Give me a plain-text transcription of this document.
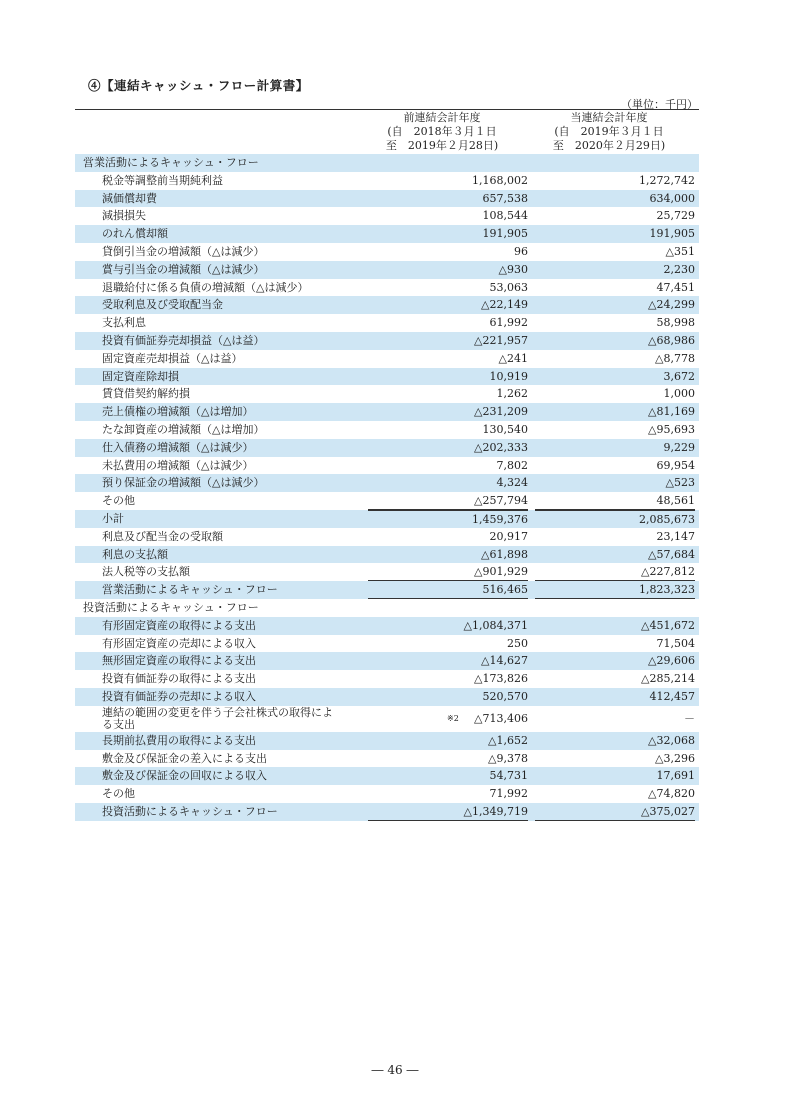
④【連結キャッシュ・フロー計算書】
（単位：千円）
前連結会計年度
(自　2018年３月１日
至　2019年２月28日)
当連結会計年度
(自　2019年３月１日
至　2020年２月29日)
営業活動によるキャッシュ・フロー
税金等調整前当期純利益	1,168,002	1,272,742
減価償却費	657,538	634,000
減損損失	108,544	25,729
のれん償却額	191,905	191,905
貸倒引当金の増減額（△は減少）	96	△351
賞与引当金の増減額（△は減少）	△930	2,230
退職給付に係る負債の増減額（△は減少）	53,063	47,451
受取利息及び受取配当金	△22,149	△24,299
支払利息	61,992	58,998
投資有価証券売却損益（△は益）	△221,957	△68,986
固定資産売却損益（△は益）	△241	△8,778
固定資産除却損	10,919	3,672
賃貸借契約解約損	1,262	1,000
売上債権の増減額（△は増加）	△231,209	△81,169
たな卸資産の増減額（△は増加）	130,540	△95,693
仕入債務の増減額（△は減少）	△202,333	9,229
未払費用の増減額（△は減少）	7,802	69,954
預り保証金の増減額（△は減少）	4,324	△523
その他	△257,794	48,561
小計	1,459,376	2,085,673
利息及び配当金の受取額	20,917	23,147
利息の支払額	△61,898	△57,684
法人税等の支払額	△901,929	△227,812
営業活動によるキャッシュ・フロー	516,465	1,823,323
投資活動によるキャッシュ・フロー
有形固定資産の取得による支出	△1,084,371	△451,672
有形固定資産の売却による収入	250	71,504
無形固定資産の取得による支出	△14,627	△29,606
投資有価証券の取得による支出	△173,826	△285,214
投資有価証券の売却による収入	520,570	412,457
連結の範囲の変更を伴う子会社株式の取得によ
る支出	※2	△713,406	－
長期前払費用の取得による支出	△1,652	△32,068
敷金及び保証金の差入による支出	△9,378	△3,296
敷金及び保証金の回収による収入	54,731	17,691
その他	71,992	△74,820
投資活動によるキャッシュ・フロー	△1,349,719	△375,027
― 46 ―
